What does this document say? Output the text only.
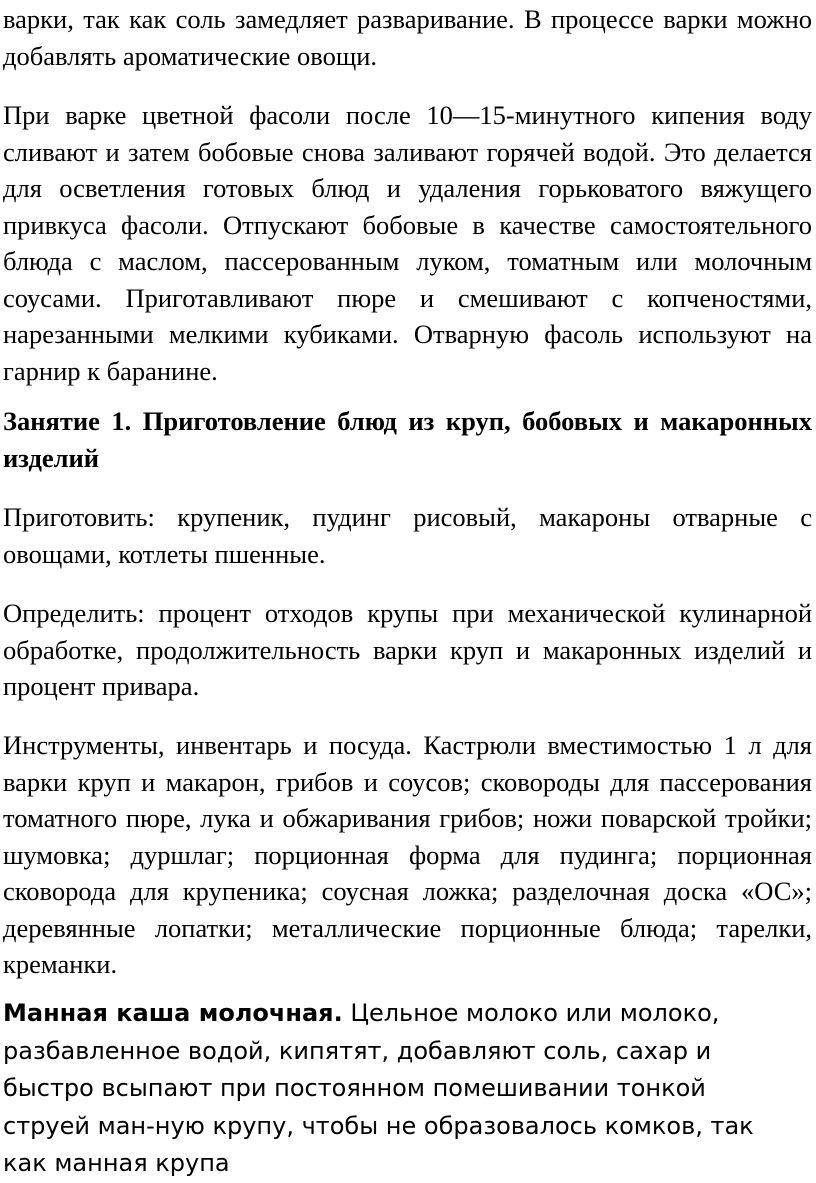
варки, так как соль замедляет разваривание. В процессе варки можно добавлять ароматические овощи.

При варке цветной фасоли после 10—15-минутного кипения воду сливают и затем бобовые снова заливают горячей водой. Это делается для осветления готовых блюд и удаления горьковатого вяжущего привкуса фасоли. Отпускают бобовые в качестве самостоятельного блюда с маслом, пассерованным луком, томатным или молочным соусами. Приготавливают пюре и смешивают с копченостями, нарезанными мелкими кубиками. Отварную фасоль используют на гарнир к баранине.

Занятие 1. Приготовление блюд из круп, бобовых и макаронных изделий

Приготовить: крупеник, пудинг рисовый, макароны отварные с овощами, котлеты пшенные.

Определить: процент отходов крупы при механической кулинарной обработке, продолжительность варки круп и макаронных изделий и процент привара.

Инструменты, инвентарь и посуда. Кастрюли вместимостью 1 л для варки круп и макарон, грибов и соусов; сковороды для пассерования томатного пюре, лука и обжаривания грибов; ножи поварской тройки; шумовка; дуршлаг; порционная форма для пудинга; порционная сковорода для крупеника; соусная ложка; разделочная доска «ОС»; деревянные лопатки; металлические порционные блюда; тарелки, креманки.

Манная каша молочная. Цельное молоко или молоко, разбавленное водой, кипятят, добавляют соль, сахар и быстро всыпают при постоянном помешивании тонкой струей ман-ную крупу, чтобы не образовалось комков, так как манная крупа
